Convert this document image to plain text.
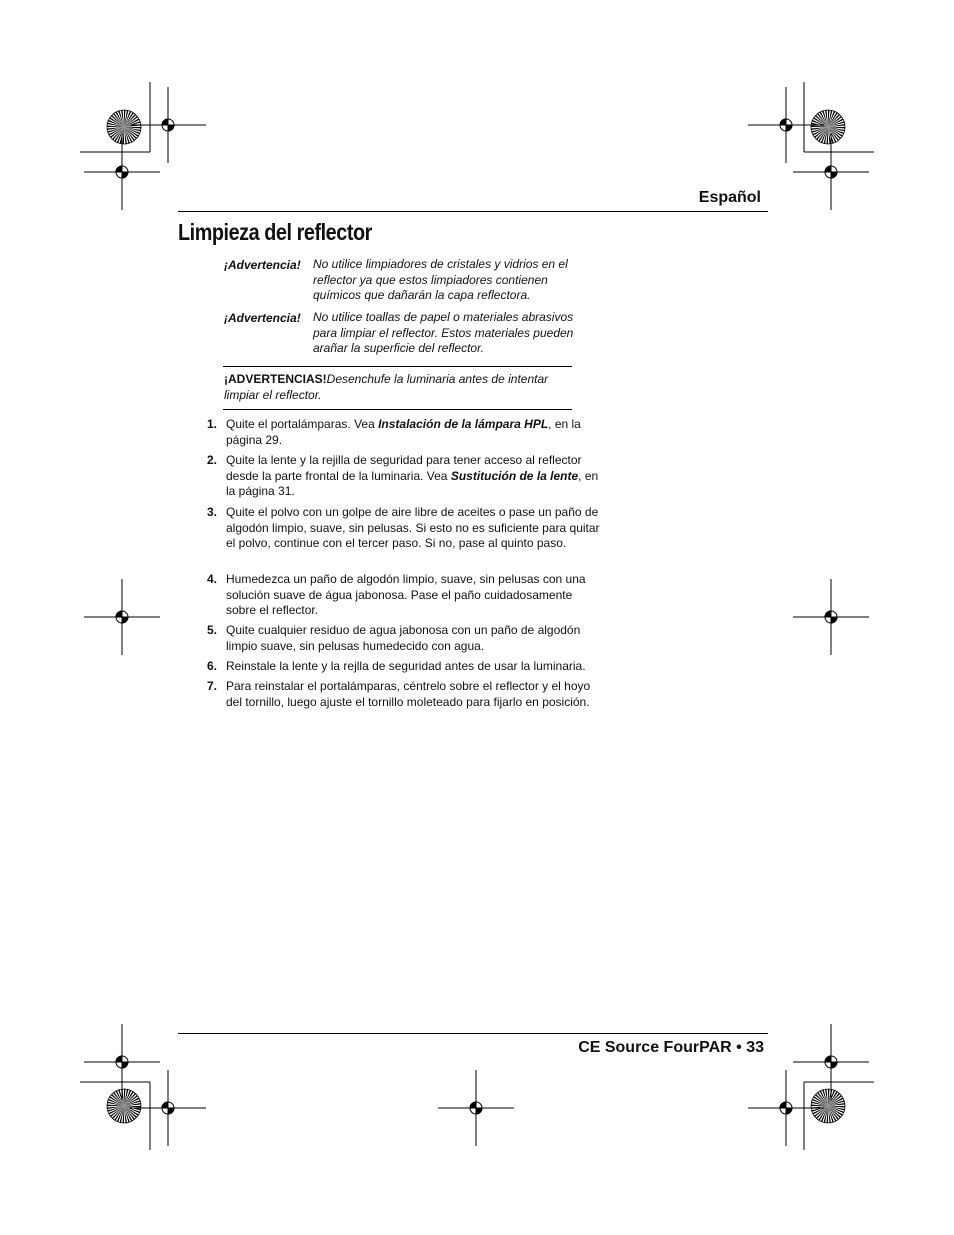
Español
Limpieza del reflector
¡Advertencia! No utilice limpiadores de cristales y vidrios en el reflector ya que estos limpiadores contienen químicos que dañarán la capa reflectora.
¡Advertencia! No utilice toallas de papel o materiales abrasivos para limpiar el reflector. Estos materiales pueden arañar la superficie del reflector.
¡ADVERTENCIAS!Desenchufe la luminaria antes de intentar limpiar el reflector.
1. Quite el portalámparas. Vea Instalación de la lámpara HPL, en la página 29.
2. Quite la lente y la rejilla de seguridad para tener acceso al reflector desde la parte frontal de la luminaria. Vea Sustitución de la lente, en la página 31.
3. Quite el polvo con un golpe de aire libre de aceites o pase un paño de algodón limpio, suave, sin pelusas. Si esto no es suficiente para quitar el polvo, continue con el tercer paso. Si no, pase al quinto paso.
4. Humedezca un paño de algodón limpio, suave, sin pelusas con una solución suave de água jabonosa. Pase el paño cuidadosamente sobre el reflector.
5. Quite cualquier residuo de agua jabonosa con un paño de algodón limpio suave, sin pelusas humedecido con agua.
6. Reinstale la lente y la rejlla de seguridad antes de usar la luminaria.
7. Para reinstalar el portalámparas, céntrelo sobre el reflector y el hoyo del tornillo, luego ajuste el tornillo moleteado para fijarlo en posición.
CE Source FourPAR • 33
